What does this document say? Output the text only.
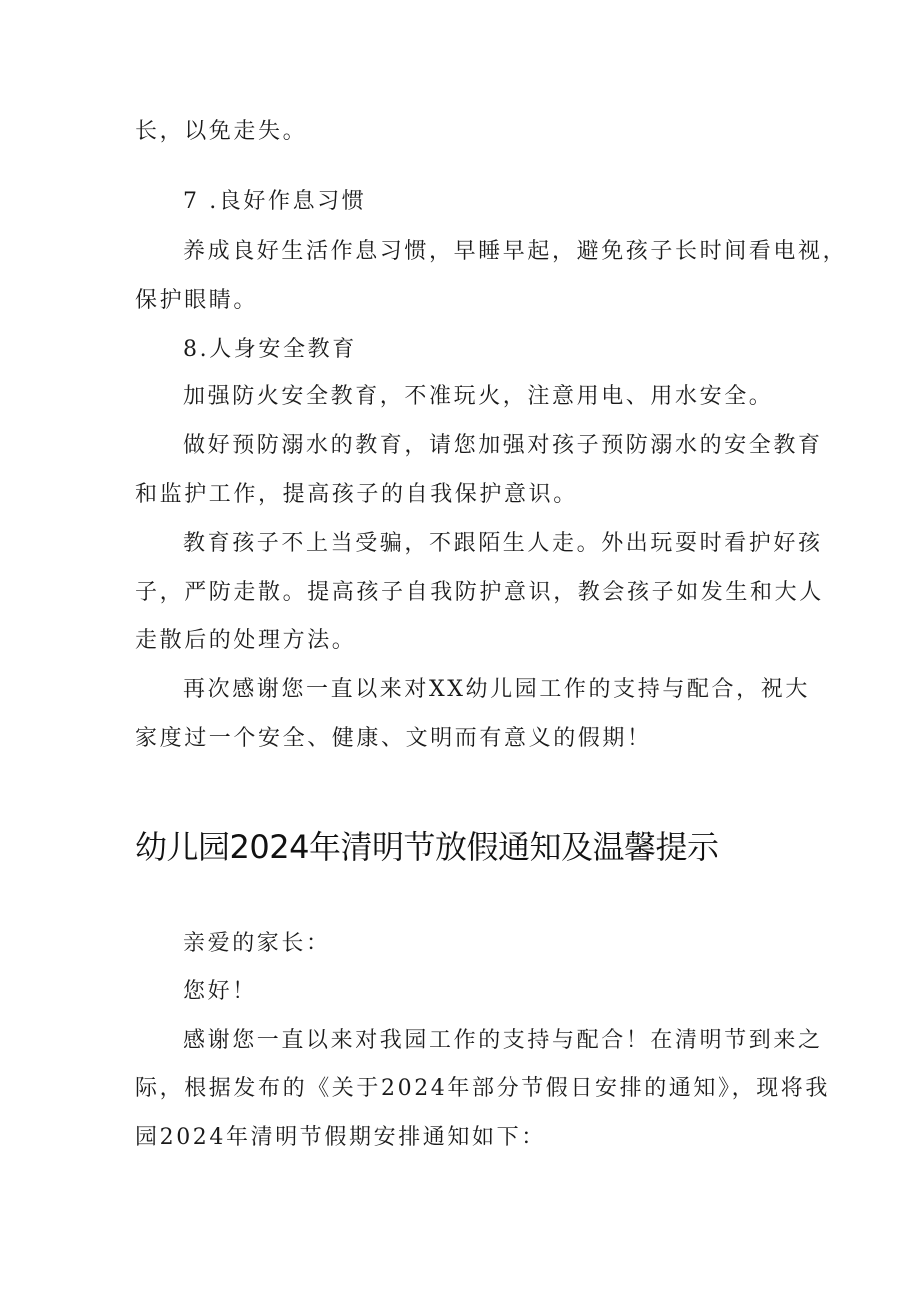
长，以免走失。

7 .良好作息习惯

养成良好生活作息习惯，早睡早起，避免孩子长时间看电视，

保护眼睛。

8.人身安全教育

加强防火安全教育，不准玩火，注意用电、用水安全。

做好预防溺水的教育，请您加强对孩子预防溺水的安全教育

和监护工作，提高孩子的自我保护意识。

教育孩子不上当受骗，不跟陌生人走。外出玩耍时看护好孩

子，严防走散。提高孩子自我防护意识，教会孩子如发生和大人

走散后的处理方法。

再次感谢您一直以来对XX幼儿园工作的支持与配合，祝大

家度过一个安全、健康、文明而有意义的假期！

幼儿园2024年清明节放假通知及温馨提示

亲爱的家长：

您好！

感谢您一直以来对我园工作的支持与配合！在清明节到来之

际，根据发布的《关于2024年部分节假日安排的通知》，现将我

园2024年清明节假期安排通知如下：
